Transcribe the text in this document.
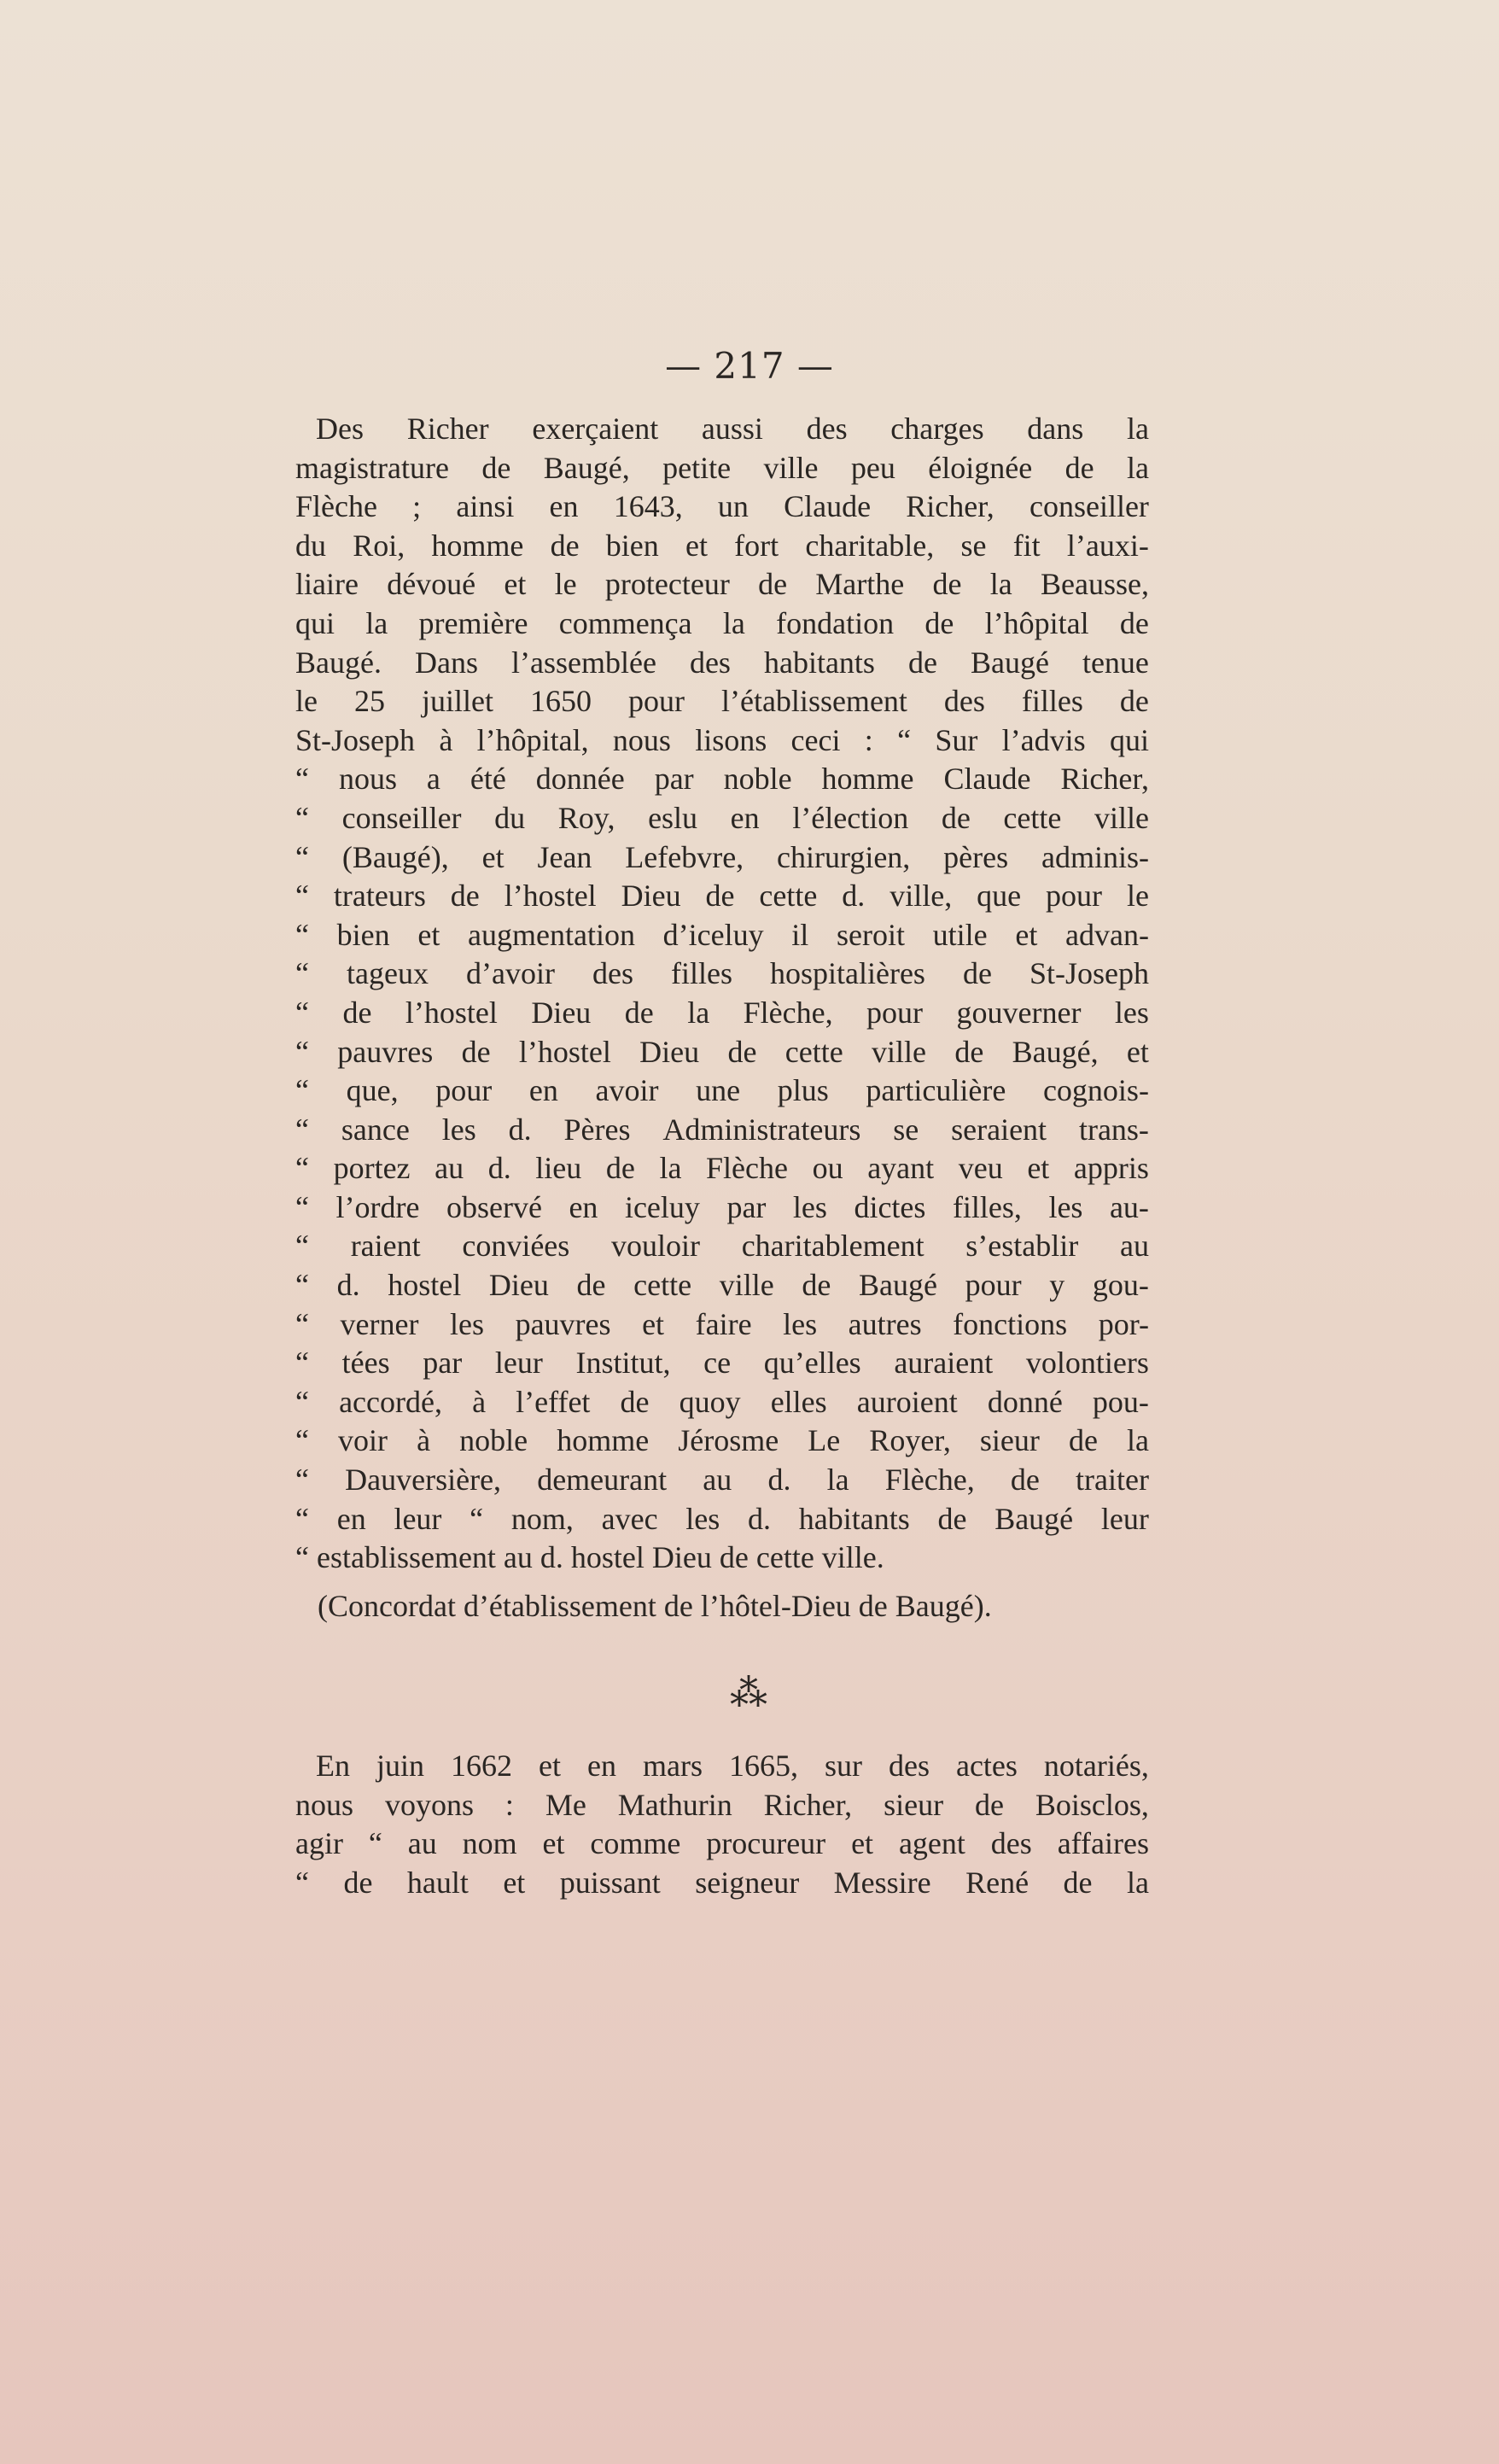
— 217 —
Des Richer exerçaient aussi des charges dans la
magistrature de Baugé, petite ville peu éloignée de la
Flèche ; ainsi en 1643, un Claude Richer, conseiller
du Roi, homme de bien et fort charitable, se fit l’auxi-
liaire dévoué et le protecteur de Marthe de la Beausse,
qui la première commença la fondation de l’hôpital de
Baugé. Dans l’assemblée des habitants de Baugé tenue
le 25 juillet 1650 pour l’établissement des filles de
St-Joseph à l’hôpital, nous lisons ceci : “ Sur l’advis qui
“ nous a été donnée par noble homme Claude Richer,
“ conseiller du Roy, eslu en l’élection de cette ville
“ (Baugé), et Jean Lefebvre, chirurgien, pères adminis-
“ trateurs de l’hostel Dieu de cette d. ville, que pour le
“ bien et augmentation d’iceluy il seroit utile et advan-
“ tageux d’avoir des filles hospitalières de St-Joseph
“ de l’hostel Dieu de la Flèche, pour gouverner les
“ pauvres de l’hostel Dieu de cette ville de Baugé, et
“ que, pour en avoir une plus particulière cognois-
“ sance les d. Pères Administrateurs se seraient trans-
“ portez au d. lieu de la Flèche ou ayant veu et appris
“ l’ordre observé en iceluy par les dictes filles, les au-
“ raient conviées vouloir charitablement s’establir au
“ d. hostel Dieu de cette ville de Baugé pour y gou-
“ verner les pauvres et faire les autres fonctions por-
“ tées par leur Institut, ce qu’elles auraient volontiers
“ accordé, à l’effet de quoy elles auroient donné pou-
“ voir à noble homme Jérosme Le Royer, sieur de la
“ Dauversière, demeurant au d. la Flèche, de traiter
“ en leur “ nom, avec les d. habitants de Baugé leur
“ establissement au d. hostel Dieu de cette ville.
(Concordat d’établissement de l’hôtel-Dieu de Baugé).
⁂
En juin 1662 et en mars 1665, sur des actes notariés,
nous voyons : Me Mathurin Richer, sieur de Boisclos,
agir “ au nom et comme procureur et agent des affaires
“ de hault et puissant seigneur Messire René de la
